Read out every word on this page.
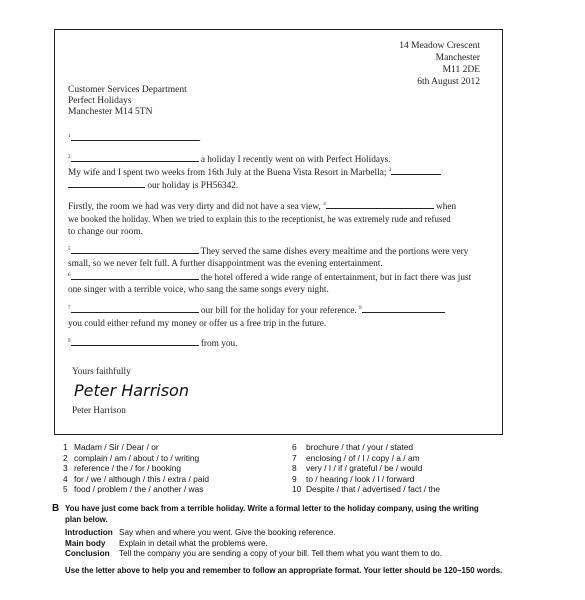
14 Meadow Crescent
Manchester
M11 2DE
6th August 2012
Customer Services Department
Perfect Holidays
Manchester M14 5TN
$^1$	.
$^2$	a holiday I recently went on with Perfect Holidays.
My wife and I spent two weeks from 16th July at the Buena Vista Resort in Marbella; $^3$
our holiday is PH56342.
Firstly, the room we had was very dirty and did not have a sea view, $^4$	when
we booked the holiday. When we tried to explain this to the receptionist, he was extremely rude and refused
to change our room.
$^5$	They served the same dishes every mealtime and the portions were very
small, so we never felt full. A further disappointment was the evening entertainment.
$^6$	the hotel offered a wide range of entertainment, but in fact there was just
one singer with a terrible voice, who sang the same songs every night.
$^7$	our bill for the holiday for your reference. $^8$
you could either refund my money or offer us a free trip in the future.
$^9$	from you.
Yours faithfully
Peter Harrison
Peter Harrison
1 Madam / Sir / Dear / or
2 complain / am / about / to / writing
3 reference / the / for / booking
4 for / we / although / this / extra / paid
5 food / problem / the / another / was
6 brochure / that / your / stated
7 enclosing / of / I / copy / a / am
8 very / I / if / grateful / be / would
9 to / hearing / look / I / forward
10 Despite / that / advertised / fact / the
B You have just come back from a terrible holiday. Write a formal letter to the holiday company, using the writing
plan below.
Introduction Say when and where you went. Give the booking reference.
Main body Explain in detail what the problems were.
Conclusion Tell the company you are sending a copy of your bill. Tell them what you want them to do.
Use the letter above to help you and remember to follow an appropriate format. Your letter should be 120–150 words.
